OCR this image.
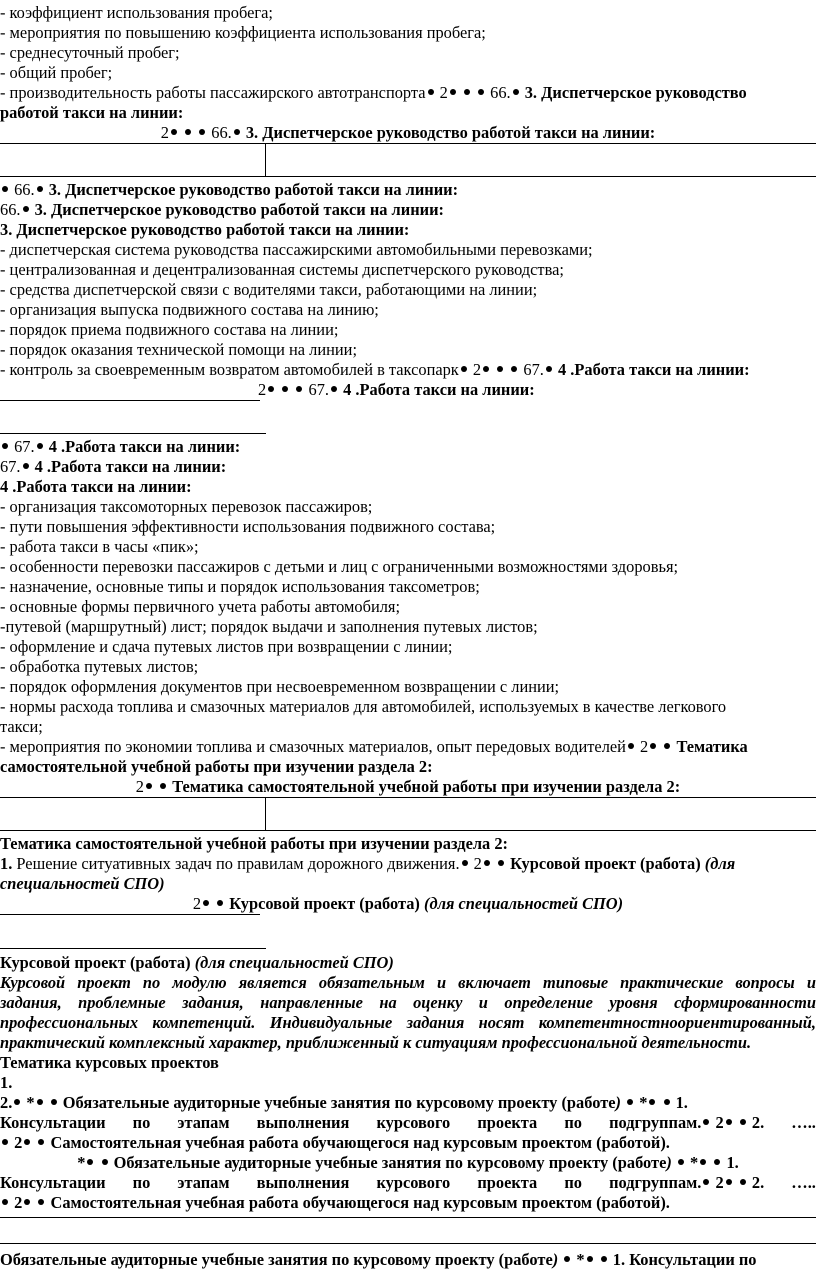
- коэффициент использования пробега;
- мероприятия по повышению коэффициента использования пробега;
- среднесуточный пробег;
- общий пробег;
- производительность работы пассажирского автотранспорта 2   66. 3. Диспетчерское руководство
работой такси на линии:
2   66. 3. Диспетчерское руководство работой такси на линии:
66. 3. Диспетчерское руководство работой такси на линии:
66. 3. Диспетчерское руководство работой такси на линии:
3. Диспетчерское руководство работой такси на линии:
- диспетчерская система руководства пассажирскими автомобильными перевозками;
- централизованная и децентрализованная системы диспетчерского руководства;
- средства диспетчерской связи с водителями такси, работающими на линии;
- организация выпуска подвижного состава на линию;
- порядок приема подвижного состава на линии;
- порядок оказания технической помощи на линии;
- контроль за своевременным возвратом автомобилей в таксопарк 2   67. 4 .Работа такси на линии:
2   67. 4 .Работа такси на линии:
67. 4 .Работа такси на линии:
67. 4 .Работа такси на линии:
4 .Работа такси на линии:
- организация таксомоторных перевозок пассажиров;
- пути повышения эффективности использования подвижного состава;
- работа такси в часы «пик»;
- особенности перевозки пассажиров с детьми и лиц с ограниченными возможностями здоровья;
- назначение, основные типы и порядок использования таксометров;
- основные формы первичного учета работы автомобиля;
-путевой (маршрутный) лист; порядок выдачи и заполнения путевых листов;
- оформление и сдача путевых листов при возвращении с линии;
- обработка путевых листов;
- порядок оформления документов при несвоевременном возвращении с линии;
- нормы расхода топлива и смазочных материалов для автомобилей, используемых в качестве легкового
такси;
- мероприятия по экономии топлива и смазочных материалов, опыт передовых водителей 2  Тематика
самостоятельной учебной работы при изучении раздела 2:
2  Тематика самостоятельной учебной работы при изучении раздела 2:
Тематика самостоятельной учебной работы при изучении раздела 2:
1. Решение ситуативных задач по правилам дорожного движения. 2  Курсовой проект (работа) (для
специальностей СПО)
2  Курсовой проект (работа) (для специальностей СПО)
Курсовой проект (работа) (для специальностей СПО)
Курсовой проект по модулю является обязательным и включает типовые практические вопросы и
задания, проблемные задания, направленные на оценку и определение уровня сформированности
профессиональных компетенций. Индивидуальные задания носят компетентностноориентированный,
практический комплексный характер, приближенный к ситуациям профессиональной деятельности.
Тематика курсовых проектов
1.
2. *  Обязательные аудиторные учебные занятия по курсовому проекту (работе)  *  1.
Консультации по этапам выполнения курсового проекта по подгруппам. 2  2. …..
2  Самостоятельная учебная работа обучающегося над курсовым проектом (работой).
*  Обязательные аудиторные учебные занятия по курсовому проекту (работе)  *  1.
Консультации по этапам выполнения курсового проекта по подгруппам. 2  2. …..
2  Самостоятельная учебная работа обучающегося над курсовым проектом (работой).
Обязательные аудиторные учебные занятия по курсовому проекту (работе)  *  1. Консультации по
